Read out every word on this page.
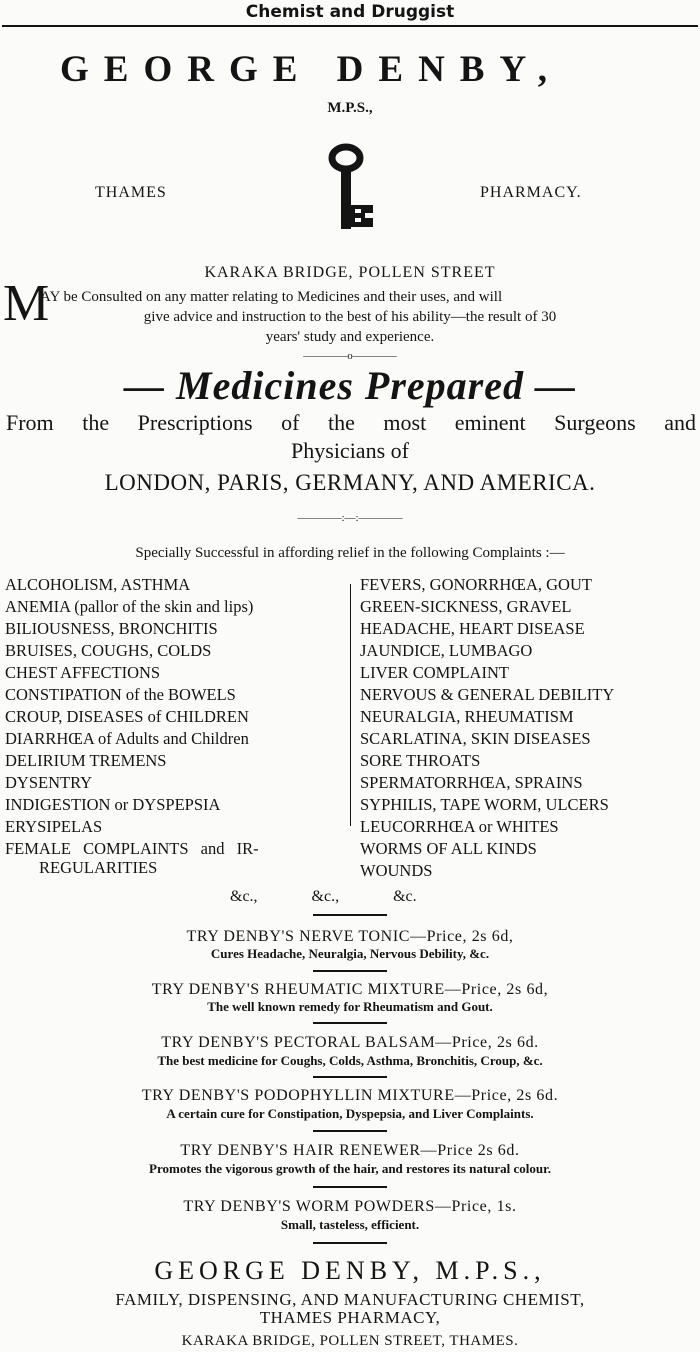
Chemist and Druggist
GEORGE DENBY,
M.P.S.,
THAMES	PHARMACY.
KARAKA BRIDGE, POLLEN STREET
M
AY be Consulted on any matter relating to Medicines and their uses, and will
give advice and instruction to the best of his ability—the result of 30
years' study and experience.
————o————
— Medicines Prepared —
From the Prescriptions of the most eminent Surgeons and
Physicians of
LONDON, PARIS, GERMANY, AND AMERICA.
————:—:————
Specially Successful in affording relief in the following Complaints :—
ALCOHOLISM, ASTHMA
ANEMIA (pallor of the skin and lips)
BILIOUSNESS, BRONCHITIS
BRUISES, COUGHS, COLDS
CHEST AFFECTIONS
CONSTIPATION of the BOWELS
CROUP, DISEASES of CHILDREN
DIARRHŒA of Adults and Children
DELIRIUM TREMENS
DYSENTRY
INDIGESTION or DYSPEPSIA
ERYSIPELAS
FEMALE COMPLAINTS and IR-
REGULARITIES
FEVERS, GONORRHŒA, GOUT
GREEN-SICKNESS, GRAVEL
HEADACHE, HEART DISEASE
JAUNDICE, LUMBAGO
LIVER COMPLAINT
NERVOUS & GENERAL DEBILITY
NEURALGIA, RHEUMATISM
SCARLATINA, SKIN DISEASES
SORE THROATS
SPERMATORRHŒA, SPRAINS
SYPHILIS, TAPE WORM, ULCERS
LEUCORRHŒA or WHITES
WORMS OF ALL KINDS
WOUNDS
&c., &c., &c.
TRY DENBY'S NERVE TONIC—Price, 2s 6d,
Cures Headache, Neuralgia, Nervous Debility, &c.
TRY DENBY'S RHEUMATIC MIXTURE—Price, 2s 6d,
The well known remedy for Rheumatism and Gout.
TRY DENBY'S PECTORAL BALSAM—Price, 2s 6d.
The best medicine for Coughs, Colds, Asthma, Bronchitis, Croup, &c.
TRY DENBY'S PODOPHYLLIN MIXTURE—Price, 2s 6d.
A certain cure for Constipation, Dyspepsia, and Liver Complaints.
TRY DENBY'S HAIR RENEWER—Price 2s 6d.
Promotes the vigorous growth of the hair, and restores its natural colour.
TRY DENBY'S WORM POWDERS—Price, 1s.
Small, tasteless, efficient.
GEORGE DENBY, M.P.S.,
FAMILY, DISPENSING, AND MANUFACTURING CHEMIST,
THAMES PHARMACY,
KARAKA BRIDGE, POLLEN STREET, THAMES.
